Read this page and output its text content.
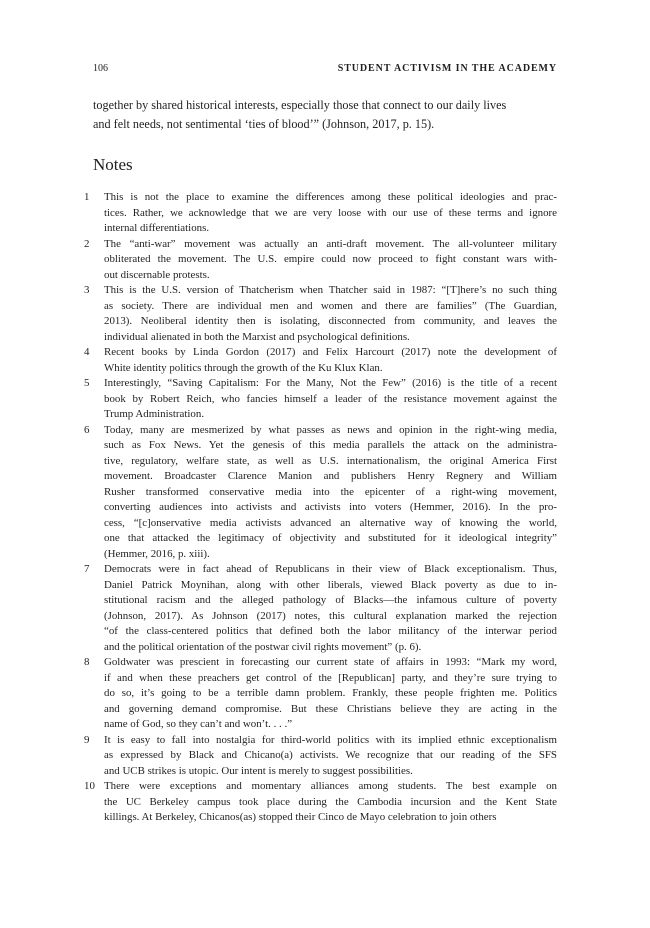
106	STUDENT ACTIVISM IN THE ACADEMY
together by shared historical interests, especially those that connect to our daily lives
and felt needs, not sentimental ‘ties of blood’” (Johnson, 2017, p. 15).
Notes
1	This is not the place to examine the differences among these political ideologies and prac-
tices. Rather, we acknowledge that we are very loose with our use of these terms and ignore
internal differentiations.
2	The “anti-war” movement was actually an anti-draft movement. The all-volunteer military
obliterated the movement. The U.S. empire could now proceed to fight constant wars with-
out discernable protests.
3	This is the U.S. version of Thatcherism when Thatcher said in 1987: “[T]here’s no such thing
as society. There are individual men and women and there are families” (The Guardian,
2013). Neoliberal identity then is isolating, disconnected from community, and leaves the
individual alienated in both the Marxist and psychological definitions.
4	Recent books by Linda Gordon (2017) and Felix Harcourt (2017) note the development of
White identity politics through the growth of the Ku Klux Klan.
5	Interestingly, “Saving Capitalism: For the Many, Not the Few” (2016) is the title of a recent
book by Robert Reich, who fancies himself a leader of the resistance movement against the
Trump Administration.
6	Today, many are mesmerized by what passes as news and opinion in the right-wing media,
such as Fox News. Yet the genesis of this media parallels the attack on the administra-
tive, regulatory, welfare state, as well as U.S. internationalism, the original America First
movement. Broadcaster Clarence Manion and publishers Henry Regnery and William
Rusher transformed conservative media into the epicenter of a right-wing movement,
converting audiences into activists and activists into voters (Hemmer, 2016). In the pro-
cess, “[c]onservative media activists advanced an alternative way of knowing the world,
one that attacked the legitimacy of objectivity and substituted for it ideological integrity”
(Hemmer, 2016, p. xiii).
7	Democrats were in fact ahead of Republicans in their view of Black exceptionalism. Thus,
Daniel Patrick Moynihan, along with other liberals, viewed Black poverty as due to in-
stitutional racism and the alleged pathology of Blacks—the infamous culture of poverty
(Johnson, 2017). As Johnson (2017) notes, this cultural explanation marked the rejection
“of the class-centered politics that defined both the labor militancy of the interwar period
and the political orientation of the postwar civil rights movement” (p. 6).
8	Goldwater was prescient in forecasting our current state of affairs in 1993: “Mark my word,
if and when these preachers get control of the [Republican] party, and they’re sure trying to
do so, it’s going to be a terrible damn problem. Frankly, these people frighten me. Politics
and governing demand compromise. But these Christians believe they are acting in the
name of God, so they can’t and won’t. . . .”
9	It is easy to fall into nostalgia for third-world politics with its implied ethnic exceptionalism
as expressed by Black and Chicano(a) activists. We recognize that our reading of the SFS
and UCB strikes is utopic. Our intent is merely to suggest possibilities.
10 There were exceptions and momentary alliances among students. The best example on
the UC Berkeley campus took place during the Cambodia incursion and the Kent State
killings. At Berkeley, Chicanos(as) stopped their Cinco de Mayo celebration to join others
